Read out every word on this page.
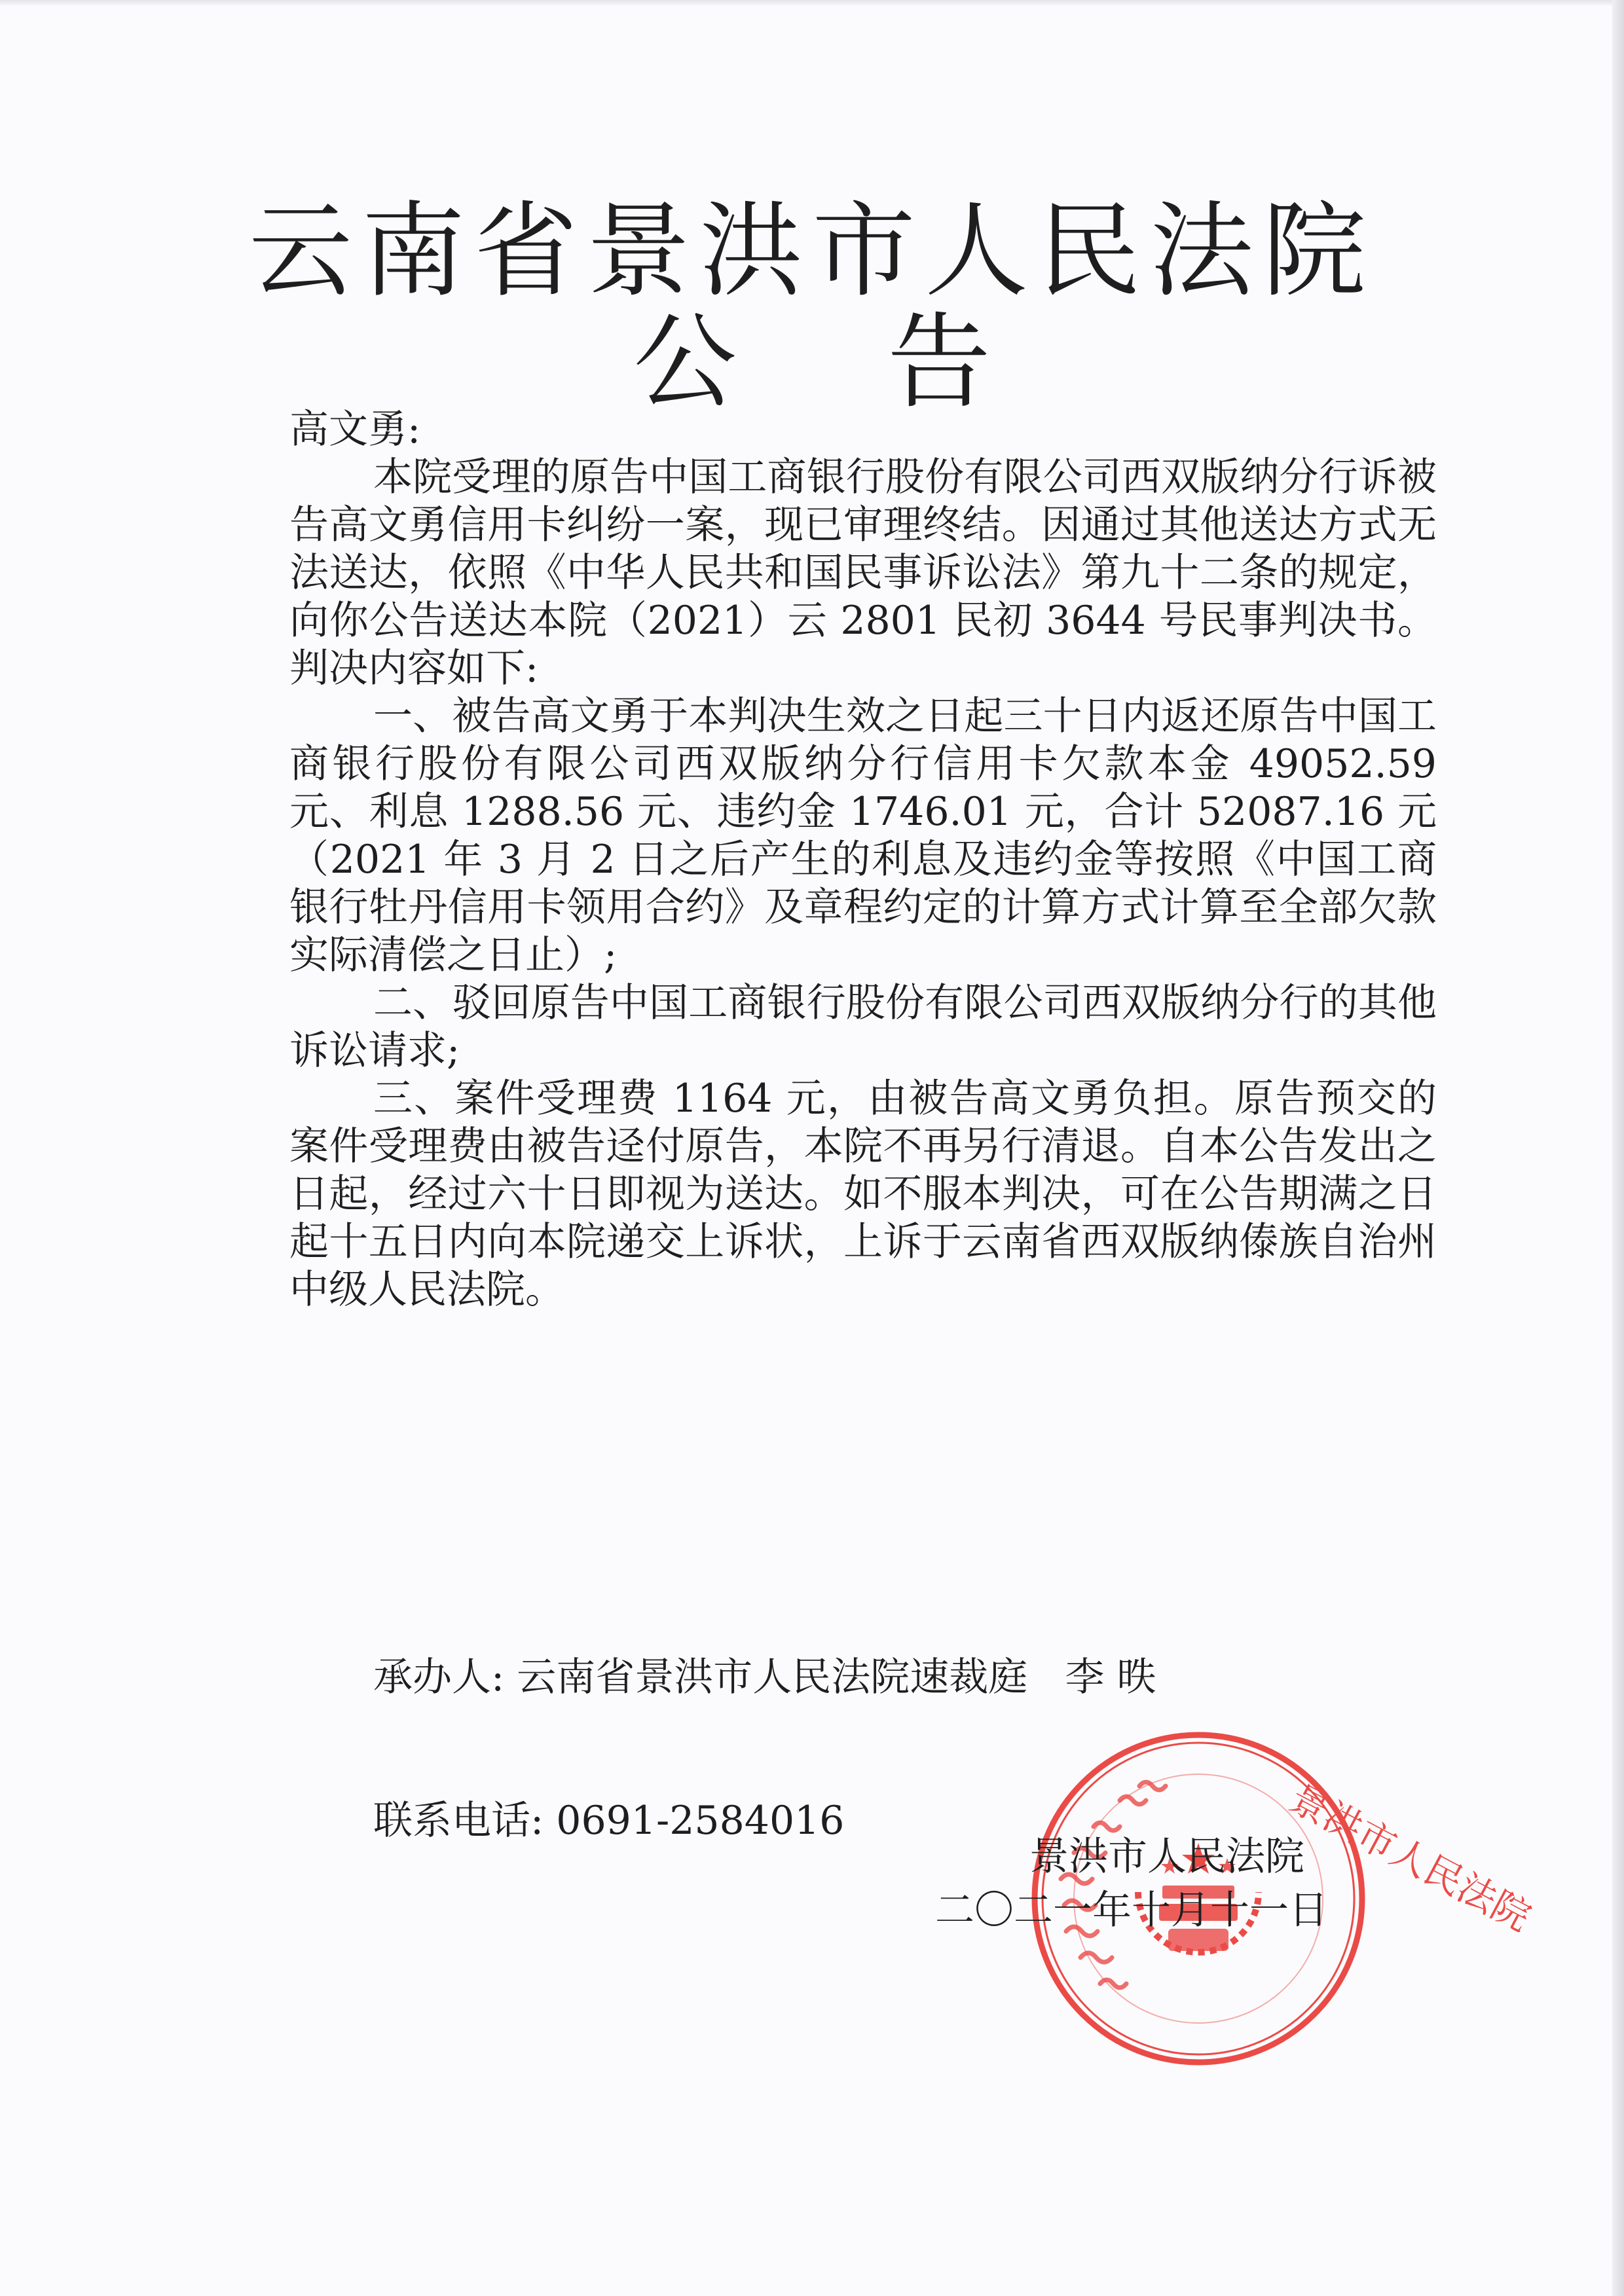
云南省景洪市人民法院
公告

高文勇:

本院受理的原告中国工商银行股份有限公司西双版纳分行诉被告高文勇信用卡纠纷一案，现已审理终结。因通过其他送达方式无法送达，依照《中华人民共和国民事诉讼法》第九十二条的规定，向你公告送达本院（2021）云 2801 民初 3644 号民事判决书。判决内容如下:

一、被告高文勇于本判决生效之日起三十日内返还原告中国工商银行股份有限公司西双版纳分行信用卡欠款本金 49052.59 元、利息 1288.56 元、违约金 1746.01 元，合计 52087.16 元（2021 年 3 月 2 日之后产生的利息及违约金等按照《中国工商银行牡丹信用卡领用合约》及章程约定的计算方式计算至全部欠款实际清偿之日止）;

二、驳回原告中国工商银行股份有限公司西双版纳分行的其他诉讼请求;

三、案件受理费 1164 元，由被告高文勇负担。原告预交的案件受理费由被告迳付原告，本院不再另行清退。自本公告发出之日起，经过六十日即视为送达。如不服本判决，可在公告期满之日起十五日内向本院递交上诉状，上诉于云南省西双版纳傣族自治州中级人民法院。

承办人: 云南省景洪市人民法院速裁庭   李 昳

联系电话: 0691-2584016	景洪市人民法院
景洪市人民法院
二〇二一年十月十一日
